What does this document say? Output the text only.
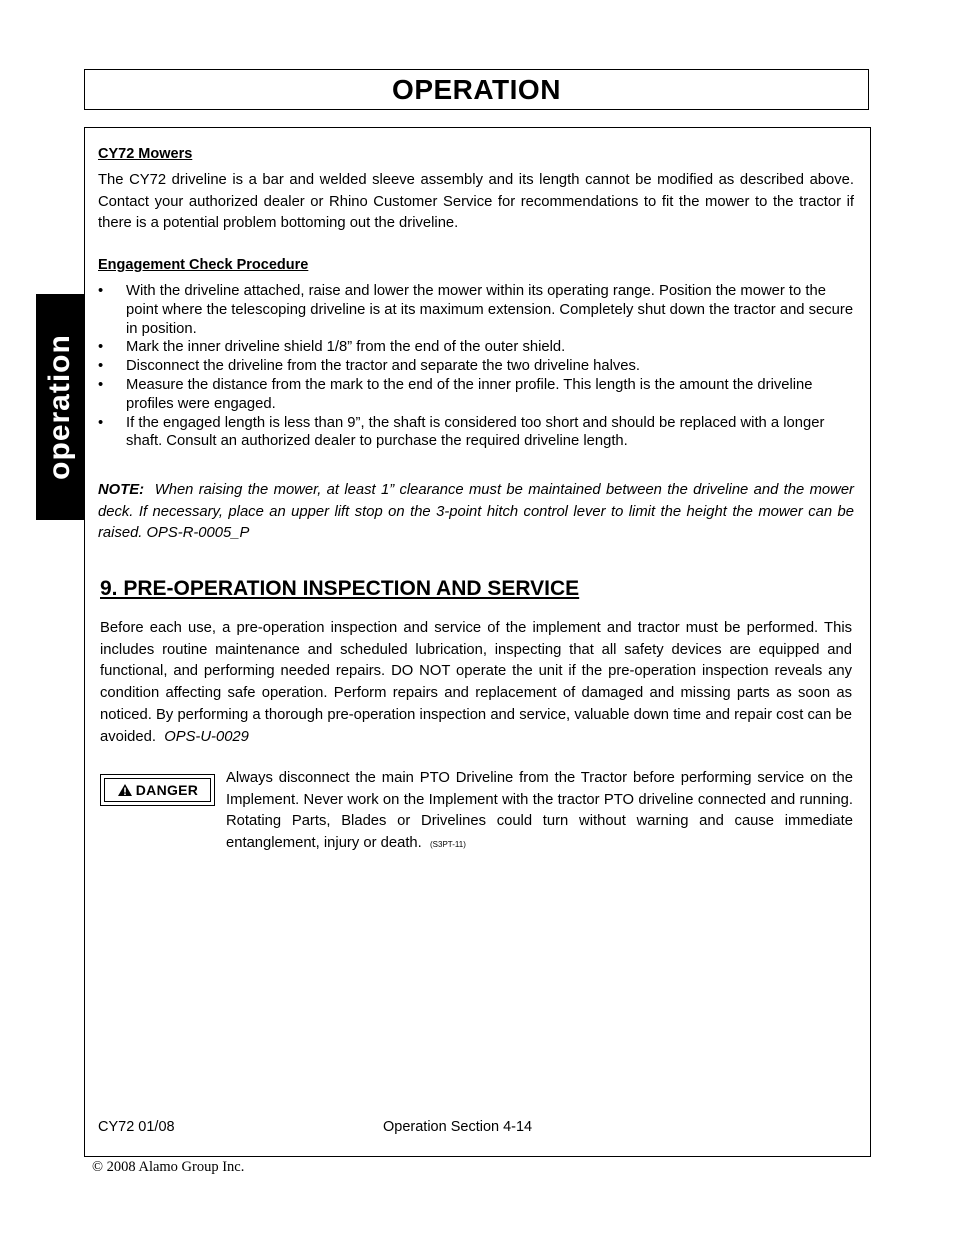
OPERATION
operation
CY72 Mowers

The CY72 driveline is a bar and welded sleeve assembly and its length cannot be modified as described above. Contact your authorized dealer or Rhino Customer Service for recommendations to fit the mower to the tractor if there is a potential problem bottoming out the driveline.

Engagement Check Procedure
• With the driveline attached, raise and lower the mower within its operating range. Position the mower to the point where the telescoping driveline is at its maximum extension. Completely shut down the tractor and secure in position.
• Mark the inner driveline shield 1/8” from the end of the outer shield.
• Disconnect the driveline from the tractor and separate the two driveline halves.
• Measure the distance from the mark to the end of the inner profile. This length is the amount the driveline profiles were engaged.
• If the engaged length is less than 9”, the shaft is considered too short and should be replaced with a longer shaft. Consult an authorized dealer to purchase the required driveline length.

NOTE: When raising the mower, at least 1” clearance must be maintained between the driveline and the mower deck. If necessary, place an upper lift stop on the 3-point hitch control lever to limit the height the mower can be raised. OPS-R-0005_P

9. PRE-OPERATION INSPECTION AND SERVICE

Before each use, a pre-operation inspection and service of the implement and tractor must be performed. This includes routine maintenance and scheduled lubrication, inspecting that all safety devices are equipped and functional, and performing needed repairs. DO NOT operate the unit if the pre-operation inspection reveals any condition affecting safe operation. Perform repairs and replacement of damaged and missing parts as soon as noticed. By performing a thorough pre-operation inspection and service, valuable down time and repair cost can be avoided. OPS-U-0029

DANGER

Always disconnect the main PTO Driveline from the Tractor before performing service on the Implement. Never work on the Implement with the tractor PTO driveline connected and running. Rotating Parts, Blades or Drivelines could turn without warning and cause immediate entanglement, injury or death. (S3PT-11)

CY72 01/08	Operation Section 4-14
© 2008 Alamo Group Inc.
